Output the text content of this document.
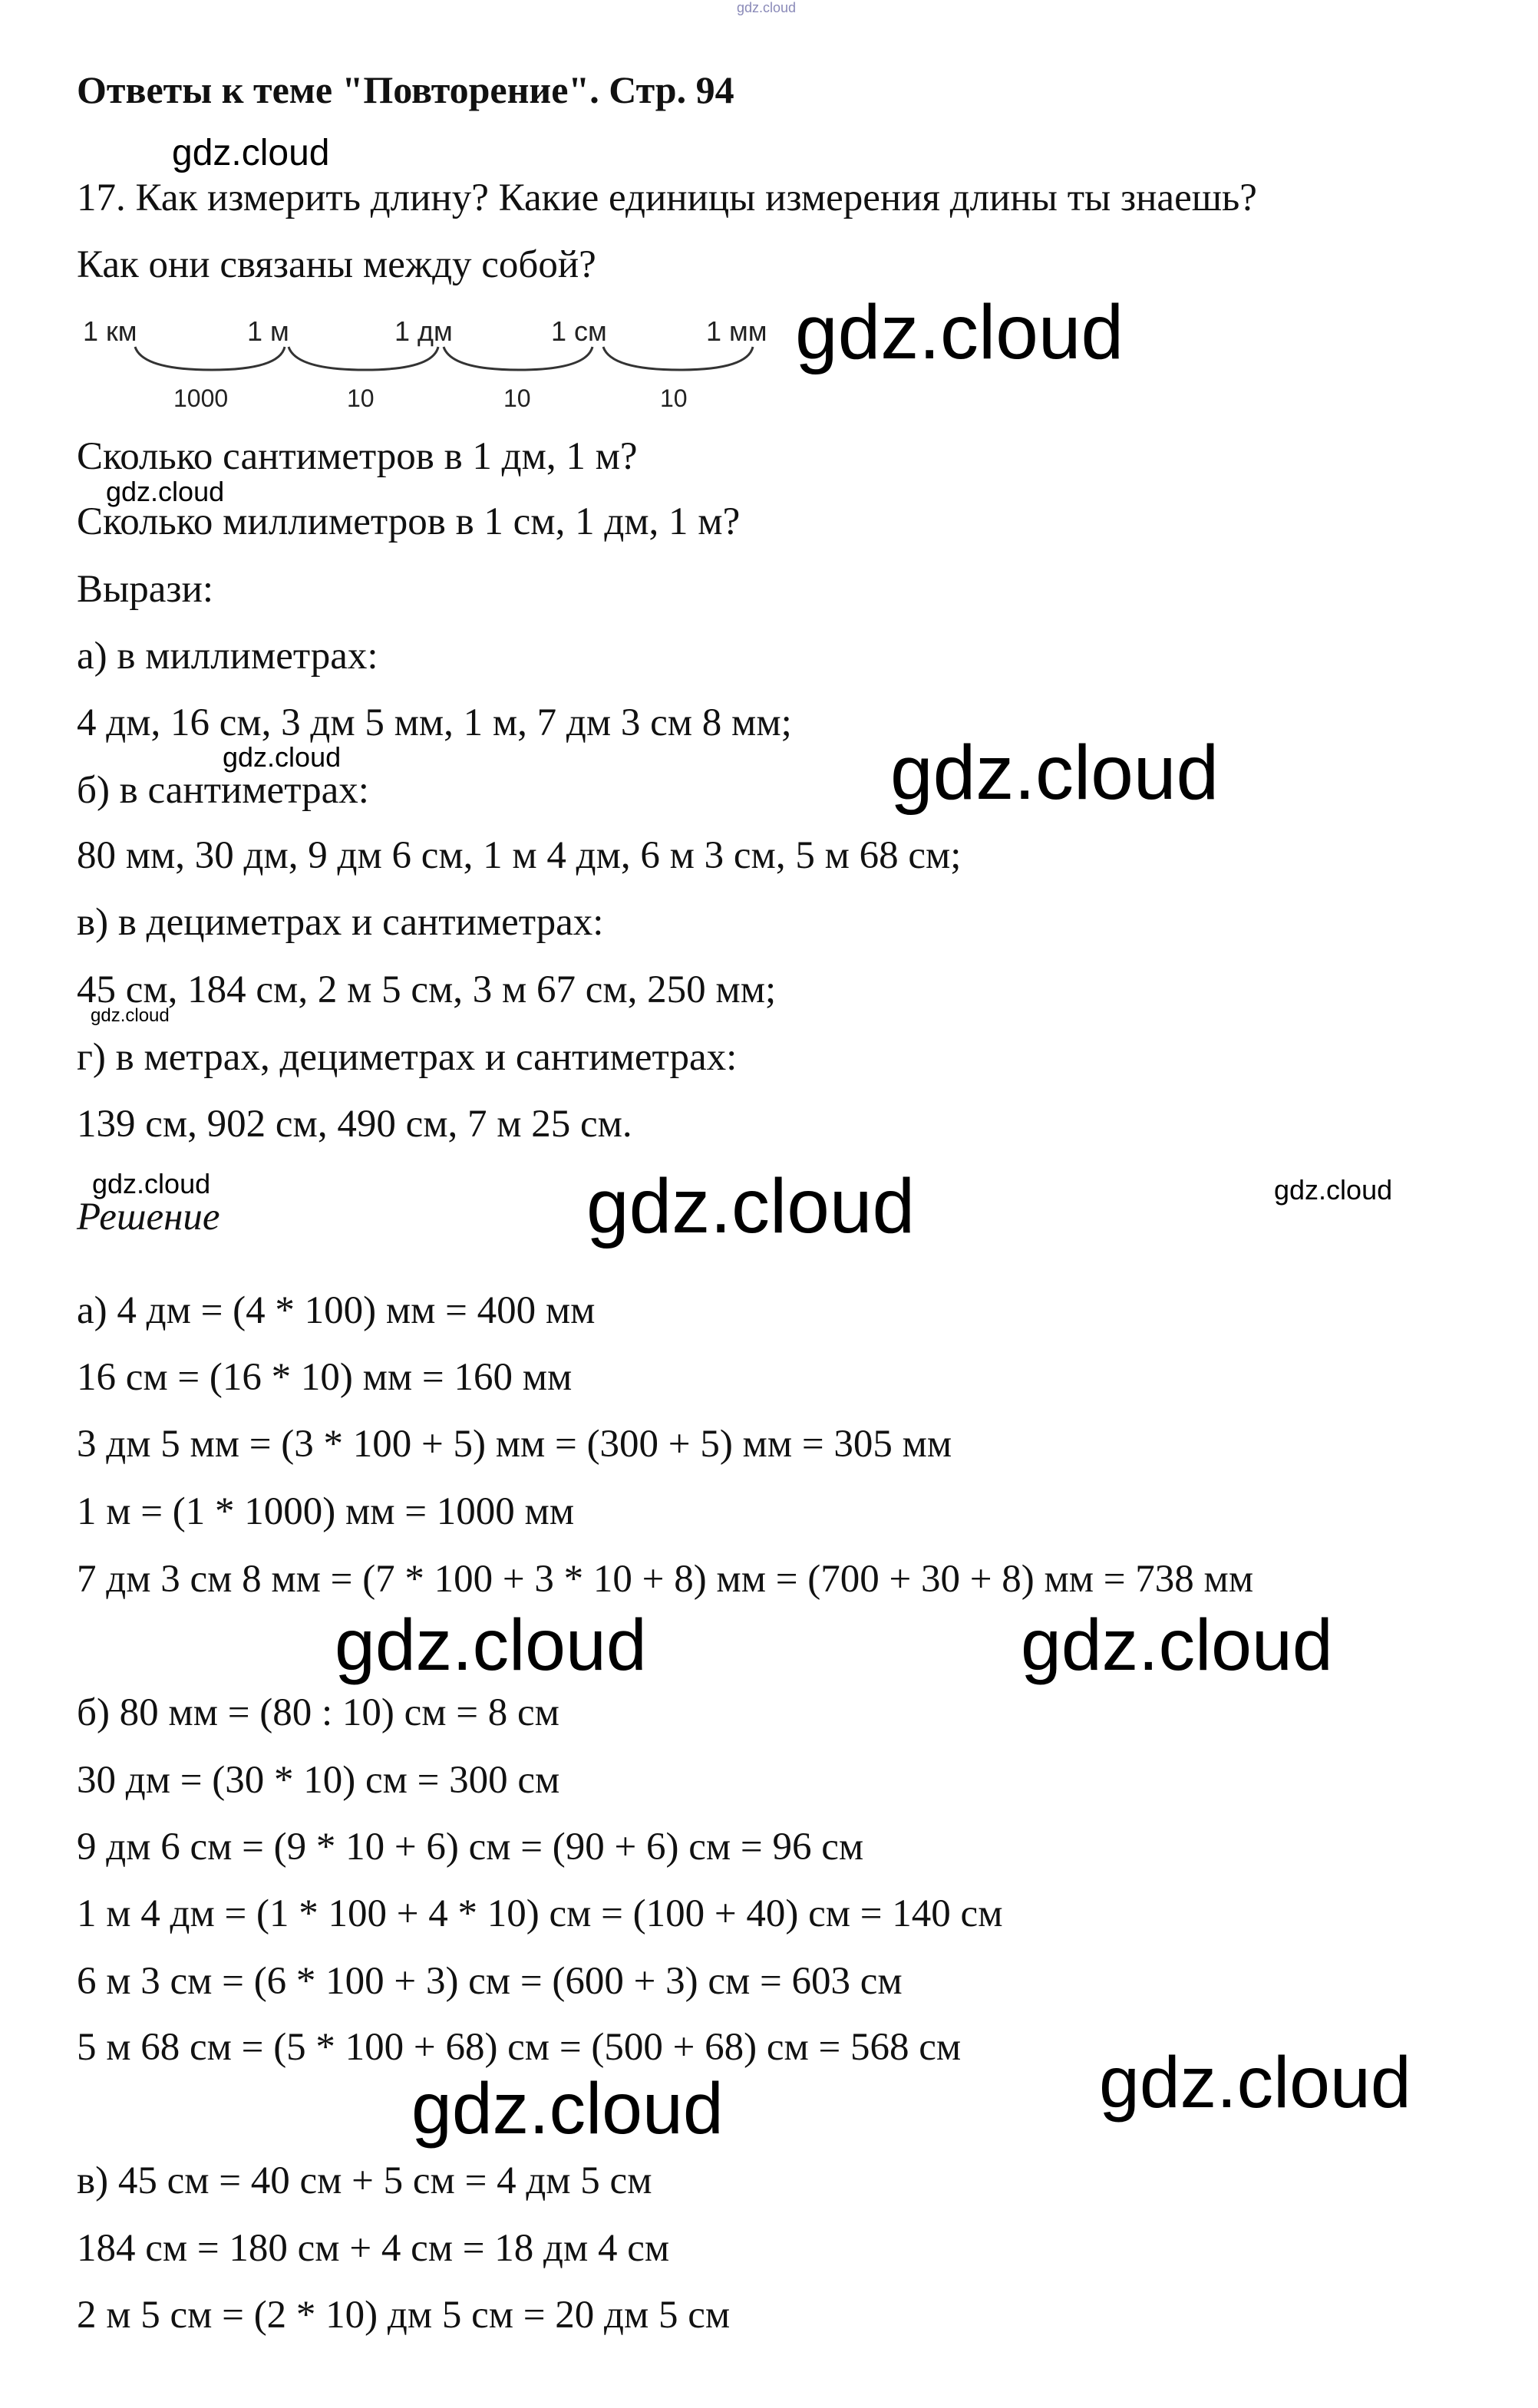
gdz.cloud
Ответы к теме "Повторение". Стр. 94
17. Как измерить длину? Какие единицы измерения длины ты знаешь?
Как они связаны между собой?
1 км	1 м	1 дм	1 см	1 мм
1000	10	10	10
Сколько сантиметров в 1 дм, 1 м?
Сколько миллиметров в 1 см, 1 дм, 1 м?
Вырази:
а) в миллиметрах:
4 дм, 16 см, 3 дм 5 мм, 1 м, 7 дм 3 см 8 мм;
б) в сантиметрах:
80 мм, 30 дм, 9 дм 6 см, 1 м 4 дм, 6 м 3 см, 5 м 68 см;
в) в дециметрах и сантиметрах:
45 см, 184 см, 2 м 5 см, 3 м 67 см, 250 мм;
г) в метрах, дециметрах и сантиметрах:
139 см, 902 см, 490 см, 7 м 25 см.
Решение
а) 4 дм = (4 * 100) мм = 400 мм
16 см = (16 * 10) мм = 160 мм
3 дм 5 мм = (3 * 100 + 5) мм = (300 + 5) мм = 305 мм
1 м = (1 * 1000) мм = 1000 мм
7 дм 3 см 8 мм = (7 * 100 + 3 * 10 + 8) мм = (700 + 30 + 8) мм = 738 мм
б) 80 мм = (80 : 10) см = 8 см
30 дм = (30 * 10) см = 300 см
9 дм 6 см = (9 * 10 + 6) см = (90 + 6) см = 96 см
1 м 4 дм = (1 * 100 + 4 * 10) см = (100 + 40) см = 140 см
6 м 3 см = (6 * 100 + 3) см = (600 + 3) см = 603 см
5 м 68 см = (5 * 100 + 68) см = (500 + 68) см = 568 см
в) 45 см = 40 см + 5 см = 4 дм 5 см
184 см = 180 см + 4 см = 18 дм 4 см
2 м 5 см = (2 * 10) дм 5 см = 20 дм 5 см
gdz.cloud
gdz.cloud
gdz.cloud
gdz.cloud	gdz.cloud
gdz.cloud
gdz.cloud	gdz.cloud	gdz.cloud
gdz.cloud	gdz.cloud
gdz.cloud
gdz.cloud
